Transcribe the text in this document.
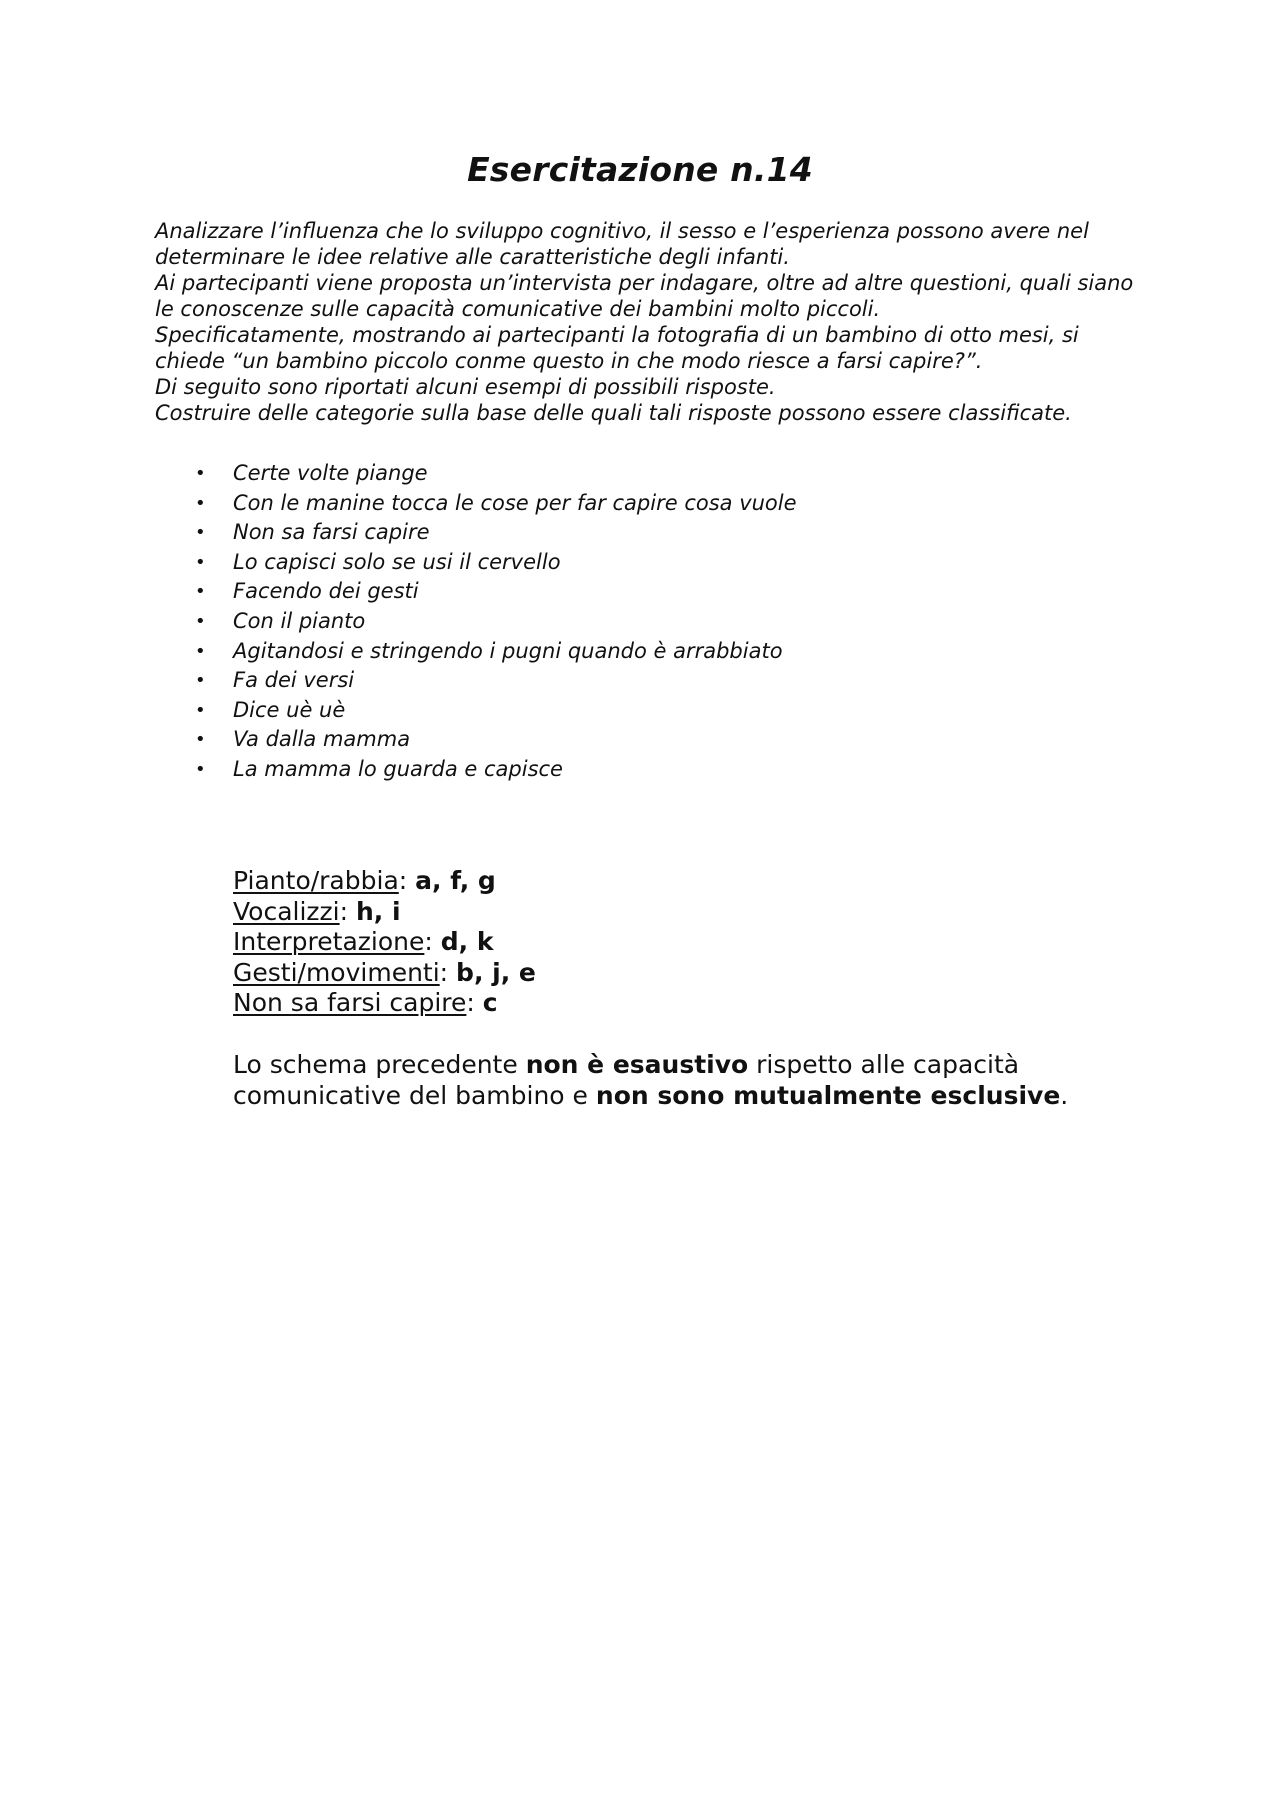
Esercitazione n.14

Analizzare l’influenza che lo sviluppo cognitivo, il sesso e l’esperienza possono avere nel

determinare le idee relative alle caratteristiche degli infanti.

Ai partecipanti viene proposta un’intervista per indagare, oltre ad altre questioni, quali siano

le conoscenze sulle capacità comunicative dei bambini molto piccoli.

Specificatamente, mostrando ai partecipanti la fotografia di un bambino di otto mesi, si

chiede “un bambino piccolo conme questo in che modo riesce a farsi capire?”.

Di seguito sono riportati alcuni esempi di possibili risposte.

Costruire delle categorie sulla base delle quali tali risposte possono essere classificate.

•	Certe volte piange
•	Con le manine tocca le cose per far capire cosa vuole
•	Non sa farsi capire
•	Lo capisci solo se usi il cervello
•	Facendo dei gesti
•	Con il pianto
•	Agitandosi e stringendo i pugni quando è arrabbiato
•	Fa dei versi
•	Dice uè uè
•	Va dalla mamma
•	La mamma lo guarda e capisce
Pianto/rabbia: a, f, g
Vocalizzi: h, i
Interpretazione: d, k
Gesti/movimenti: b, j, e
Non sa farsi capire: c

Lo schema precedente non è esaustivo rispetto alle capacità

comunicative del bambino e non sono mutualmente esclusive.
